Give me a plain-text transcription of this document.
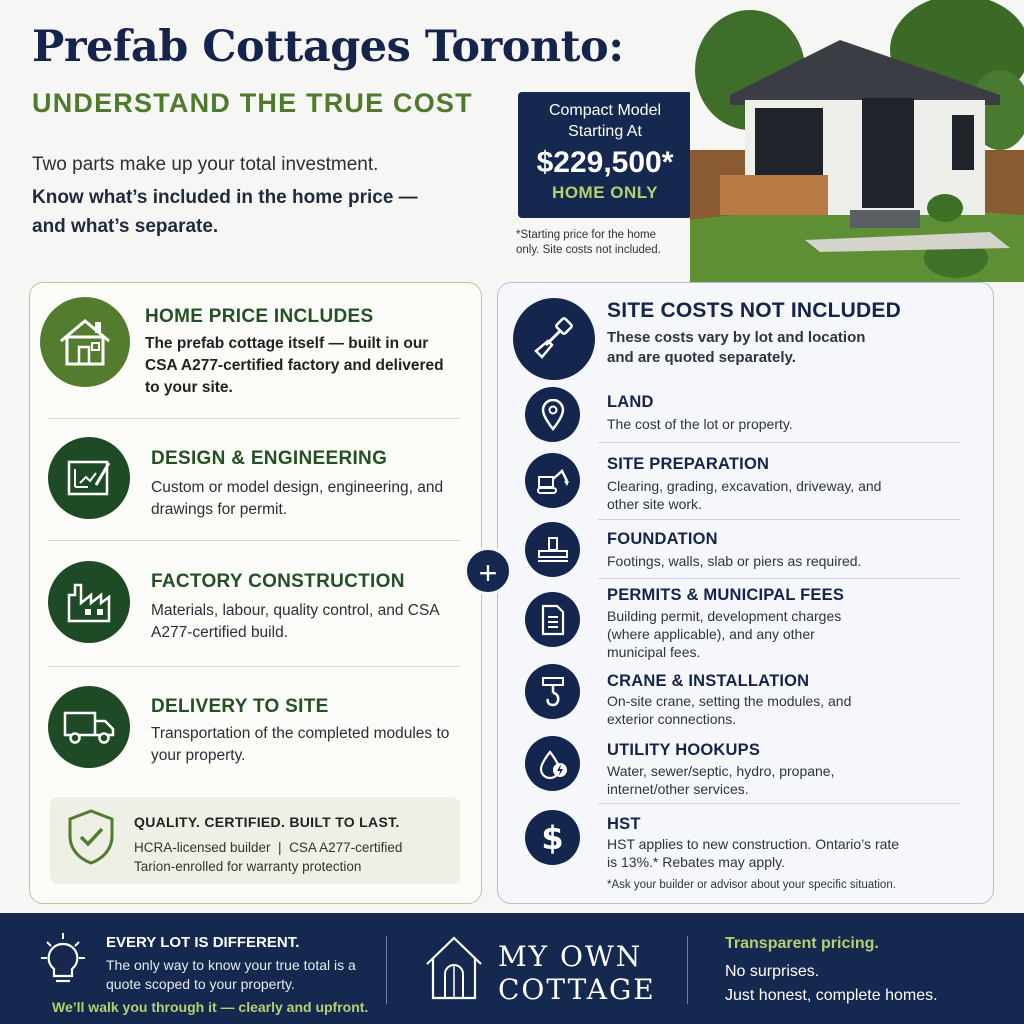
Prefab Cottages Toronto:
UNDERSTAND THE TRUE COST
Two parts make up your total investment.
Know what’s included in the home price — and what’s separate.
Compact Model Starting At
$229,500*
HOME ONLY
*Starting price for the home only. Site costs not included.
HOME PRICE INCLUDES
The prefab cottage itself — built in our CSA A277-certified factory and delivered to your site.
DESIGN & ENGINEERING
Custom or model design, engineering, and drawings for permit.
FACTORY CONSTRUCTION
Materials, labour, quality control, and CSA A277-certified build.
DELIVERY TO SITE
Transportation of the completed modules to your property.
QUALITY. CERTIFIED. BUILT TO LAST.
HCRA-licensed builder  |  CSA A277-certified
Tarion-enrolled for warranty protection
+
SITE COSTS NOT INCLUDED
These costs vary by lot and location and are quoted separately.
LAND
The cost of the lot or property.
SITE PREPARATION
Clearing, grading, excavation, driveway, and other site work.
FOUNDATION
Footings, walls, slab or piers as required.
PERMITS & MUNICIPAL FEES
Building permit, development charges (where applicable), and any other municipal fees.
CRANE & INSTALLATION
On-site crane, setting the modules, and exterior connections.
UTILITY HOOKUPS
Water, sewer/septic, hydro, propane, internet/other services.
$	HST
HST applies to new construction. Ontario’s rate is 13%.* Rebates may apply.
*Ask your builder or advisor about your specific situation.
EVERY LOT IS DIFFERENT.
The only way to know your true total is a quote scoped to your property.
We’ll walk you through it — clearly and upfront.
MY OWN
COTTAGE
Transparent pricing.
No surprises.
Just honest, complete homes.
